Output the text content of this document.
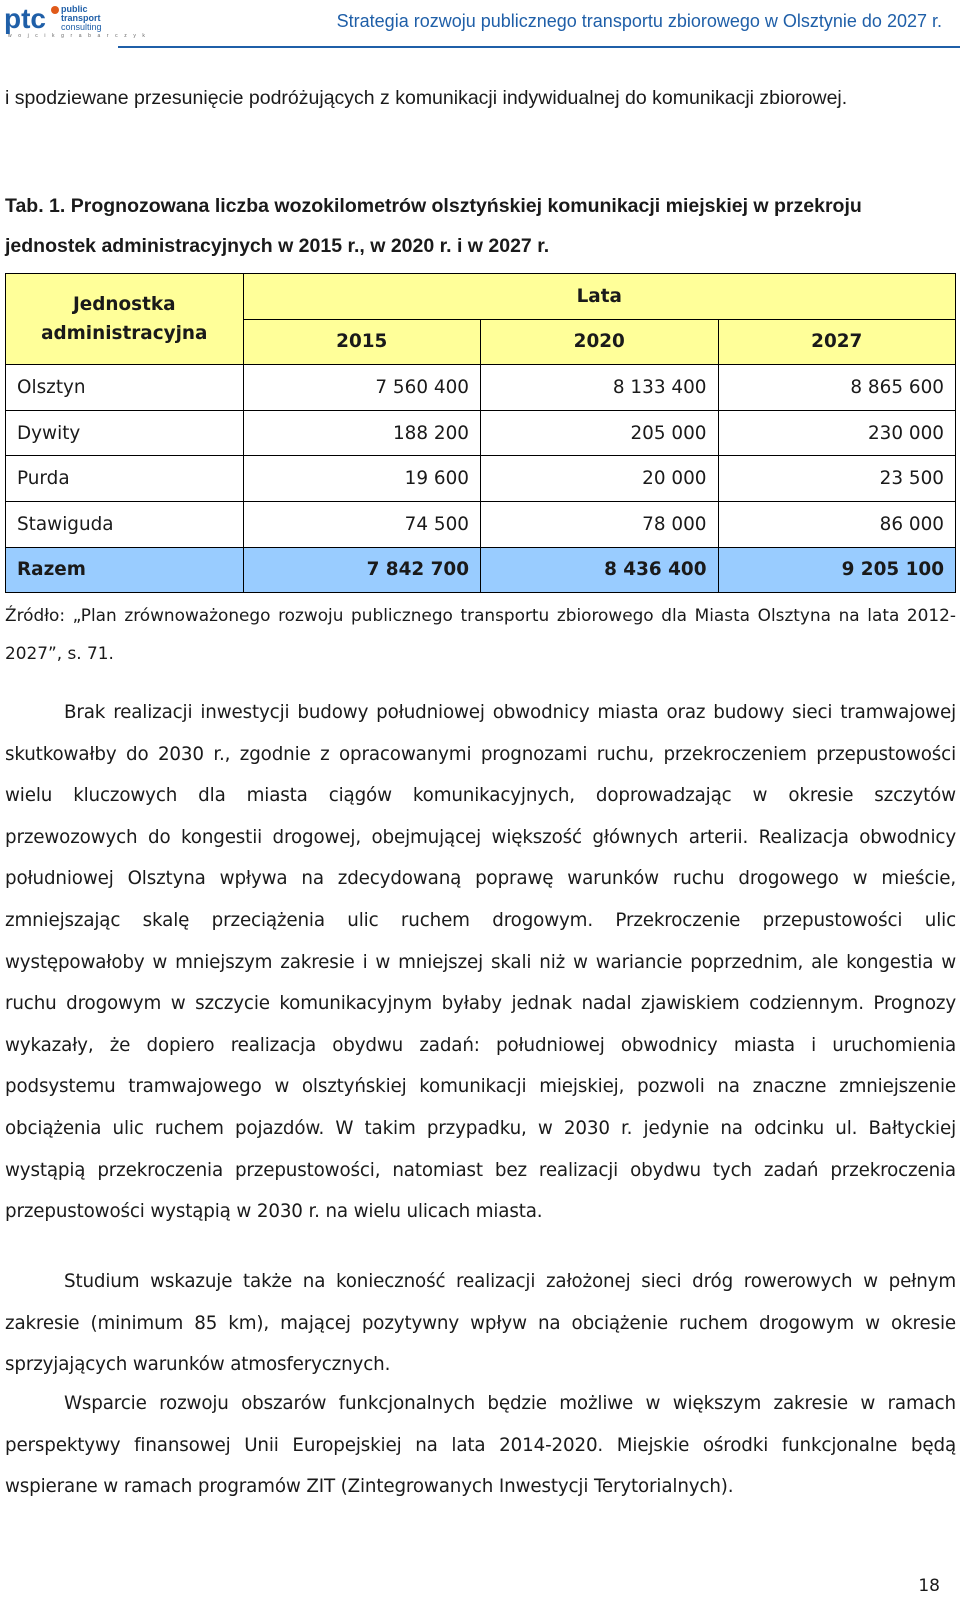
ptc public
transport
consulting
w o j c i k g r a b a r c z y k
Strategia rozwoju publicznego transportu zbiorowego w Olsztynie do 2027 r.

i spodziewane przesunięcie podróżujących z komunikacji indywidualnej do komunikacji zbiorowej.

Tab. 1. Prognozowana liczba wozokilometrów olsztyńskiej komunikacji miejskiej w przekroju jednostek administracyjnych w 2015 r., w 2020 r. i w 2027 r.

Jednostka administracyjna	Lata		
	2015	2020	2027
Olsztyn	7 560 400	8 133 400	8 865 600
Dywity	188 200	205 000	230 000
Purda	19 600	20 000	23 500
Stawiguda	74 500	78 000	86 000
Razem	7 842 700	8 436 400	9 205 100

Źródło: „Plan zrównoważonego rozwoju publicznego transportu zbiorowego dla Miasta Olsztyna na lata 2012-2027”, s. 71.

Brak realizacji inwestycji budowy południowej obwodnicy miasta oraz budowy sieci tramwajowej skutkowałby do 2030 r., zgodnie z opracowanymi prognozami ruchu, przekroczeniem przepustowości wielu kluczowych dla miasta ciągów komunikacyjnych, doprowadzając w okresie szczytów przewozowych do kongestii drogowej, obejmującej większość głównych arterii. Realizacja obwodnicy południowej Olsztyna wpływa na zdecydowaną poprawę warunków ruchu drogowego w mieście, zmniejszając skalę przeciążenia ulic ruchem drogowym. Przekroczenie przepustowości ulic występowałoby w mniejszym zakresie i w mniejszej skali niż w wariancie poprzednim, ale kongestia w ruchu drogowym w szczycie komunikacyjnym byłaby jednak nadal zjawiskiem codziennym. Prognozy wykazały, że dopiero realizacja obydwu zadań: południowej obwodnicy miasta i uruchomienia podsystemu tramwajowego w olsztyńskiej komunikacji miejskiej, pozwoli na znaczne zmniejszenie obciążenia ulic ruchem pojazdów. W takim przypadku, w 2030 r. jedynie na odcinku ul. Bałtyckiej wystąpią przekroczenia przepustowości, natomiast bez realizacji obydwu tych zadań przekroczenia przepustowości wystąpią w 2030 r. na wielu ulicach miasta.

Studium wskazuje także na konieczność realizacji założonej sieci dróg rowerowych w pełnym zakresie (minimum 85 km), mającej pozytywny wpływ na obciążenie ruchem drogowym w okresie sprzyjających warunków atmosferycznych.

Wsparcie rozwoju obszarów funkcjonalnych będzie możliwe w większym zakresie w ramach perspektywy finansowej Unii Europejskiej na lata 2014-2020. Miejskie ośrodki funkcjonalne będą wspierane w ramach programów ZIT (Zintegrowanych Inwestycji Terytorialnych).

18
